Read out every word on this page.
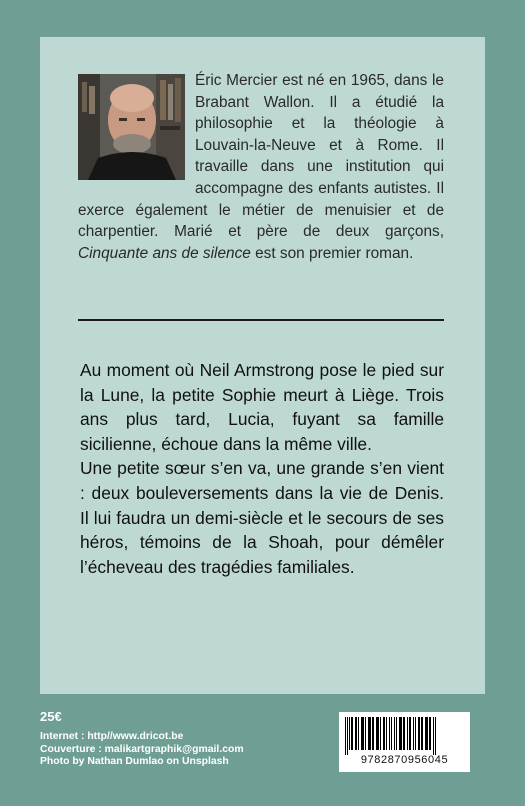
Éric Mercier est né en 1965, dans le Brabant Wallon. Il a étudié la philosophie et la théologie à Louvain-la-Neuve et à Rome. Il travaille dans une institution qui accompagne des enfants autistes. Il exerce également le métier de menuisier et de charpentier. Marié et père de deux garçons, Cinquante ans de silence est son premier roman.

Au moment où Neil Armstrong pose le pied sur la Lune, la petite Sophie meurt à Liège. Trois ans plus tard, Lucia, fuyant sa famille sicilienne, échoue dans la même ville.

Une petite sœur s’en va, une grande s’en vient : deux bouleversements dans la vie de Denis. Il lui faudra un demi-siècle et le secours de ses héros, témoins de la Shoah, pour démêler l’écheveau des tragédies familiales.

25€
Internet : http//www.dricot.be
Couverture : malikartgraphik@gmail.com
Photo by Nathan Dumlao on Unsplash	9782870956045
